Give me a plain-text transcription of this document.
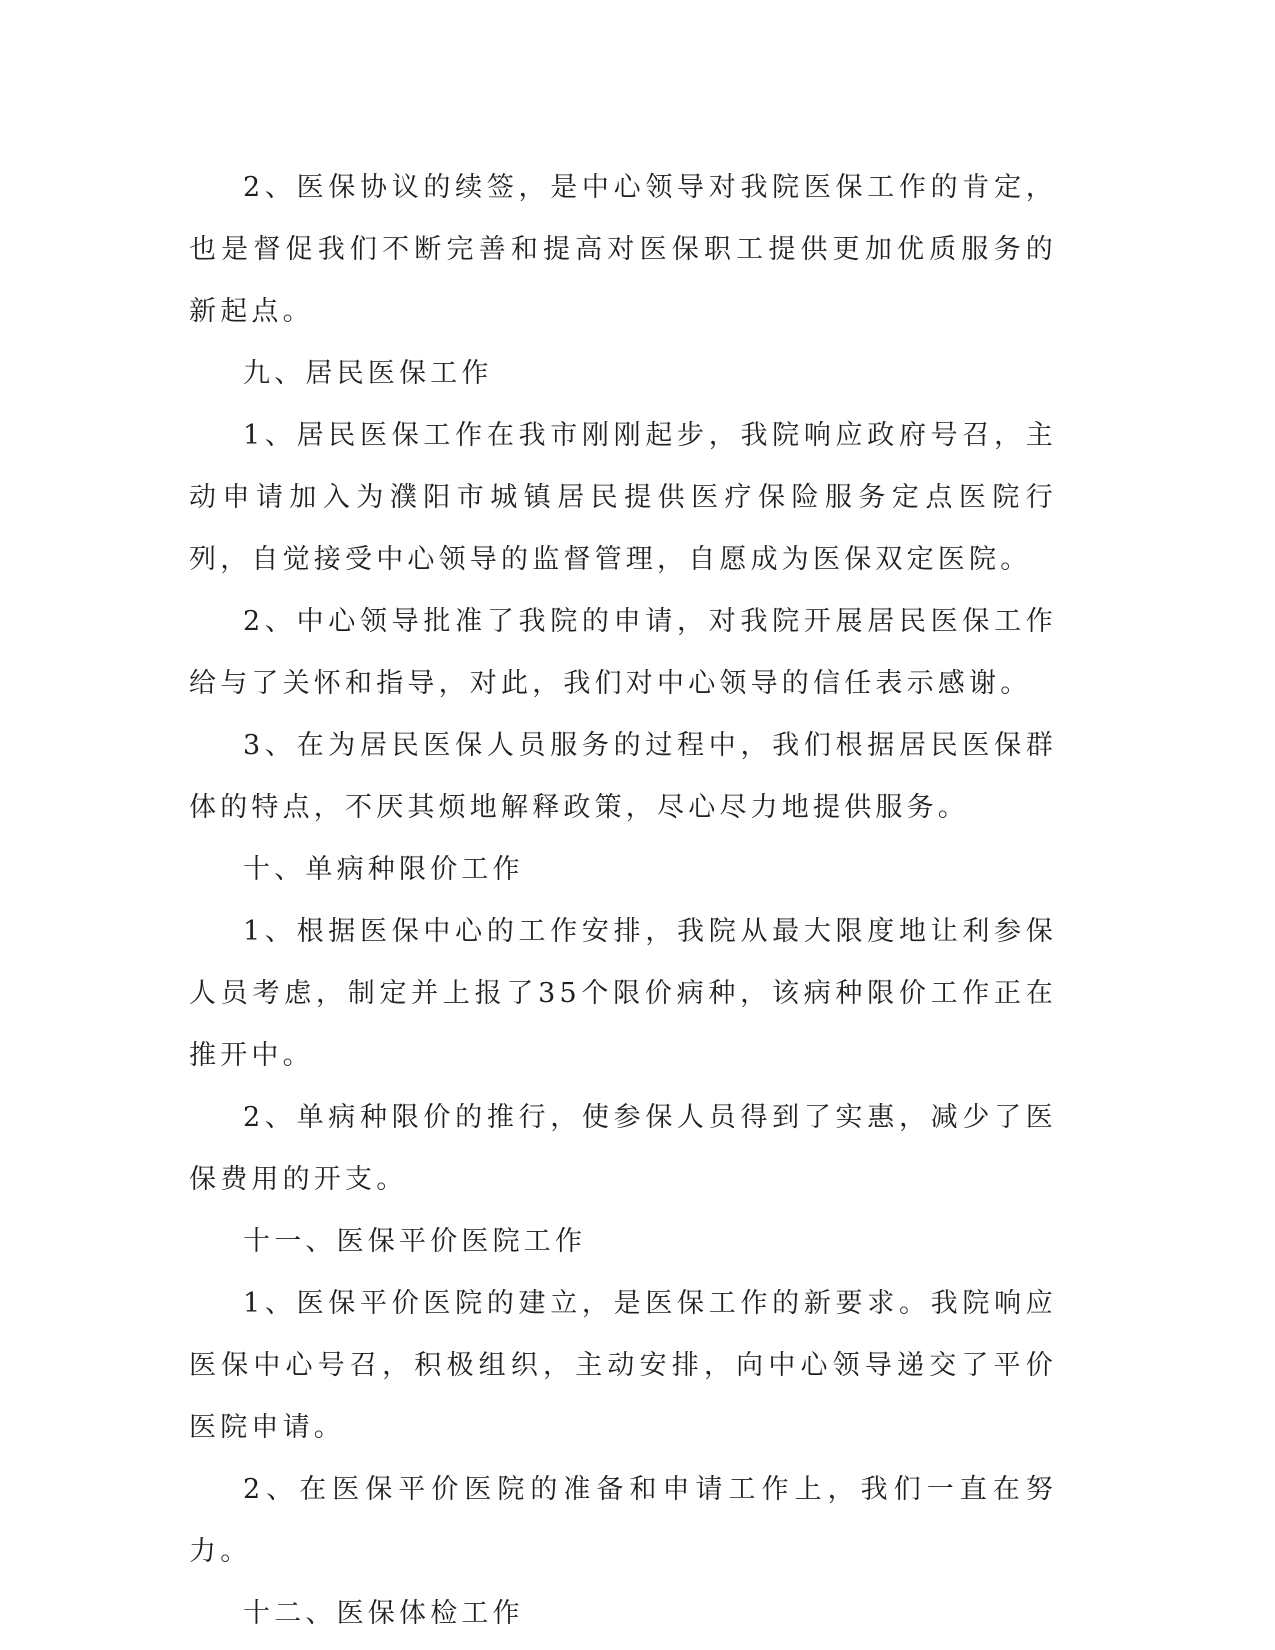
2、医保协议的续签，是中心领导对我院医保工作的肯定，也是督促我们不断完善和提高对医保职工提供更加优质服务的新起点。

九、居民医保工作

1、居民医保工作在我市刚刚起步，我院响应政府号召，主动申请加入为濮阳市城镇居民提供医疗保险服务定点医院行列，自觉接受中心领导的监督管理，自愿成为医保双定医院。

2、中心领导批准了我院的申请，对我院开展居民医保工作给与了关怀和指导，对此，我们对中心领导的信任表示感谢。

3、在为居民医保人员服务的过程中，我们根据居民医保群体的特点，不厌其烦地解释政策，尽心尽力地提供服务。

十、单病种限价工作

1、根据医保中心的工作安排，我院从最大限度地让利参保人员考虑，制定并上报了35个限价病种，该病种限价工作正在推开中。

2、单病种限价的推行，使参保人员得到了实惠，减少了医保费用的开支。

十一、医保平价医院工作

1、医保平价医院的建立，是医保工作的新要求。我院响应医保中心号召，积极组织，主动安排，向中心领导递交了平价医院申请。

2、在医保平价医院的准备和申请工作上，我们一直在努力。

十二、医保体检工作
